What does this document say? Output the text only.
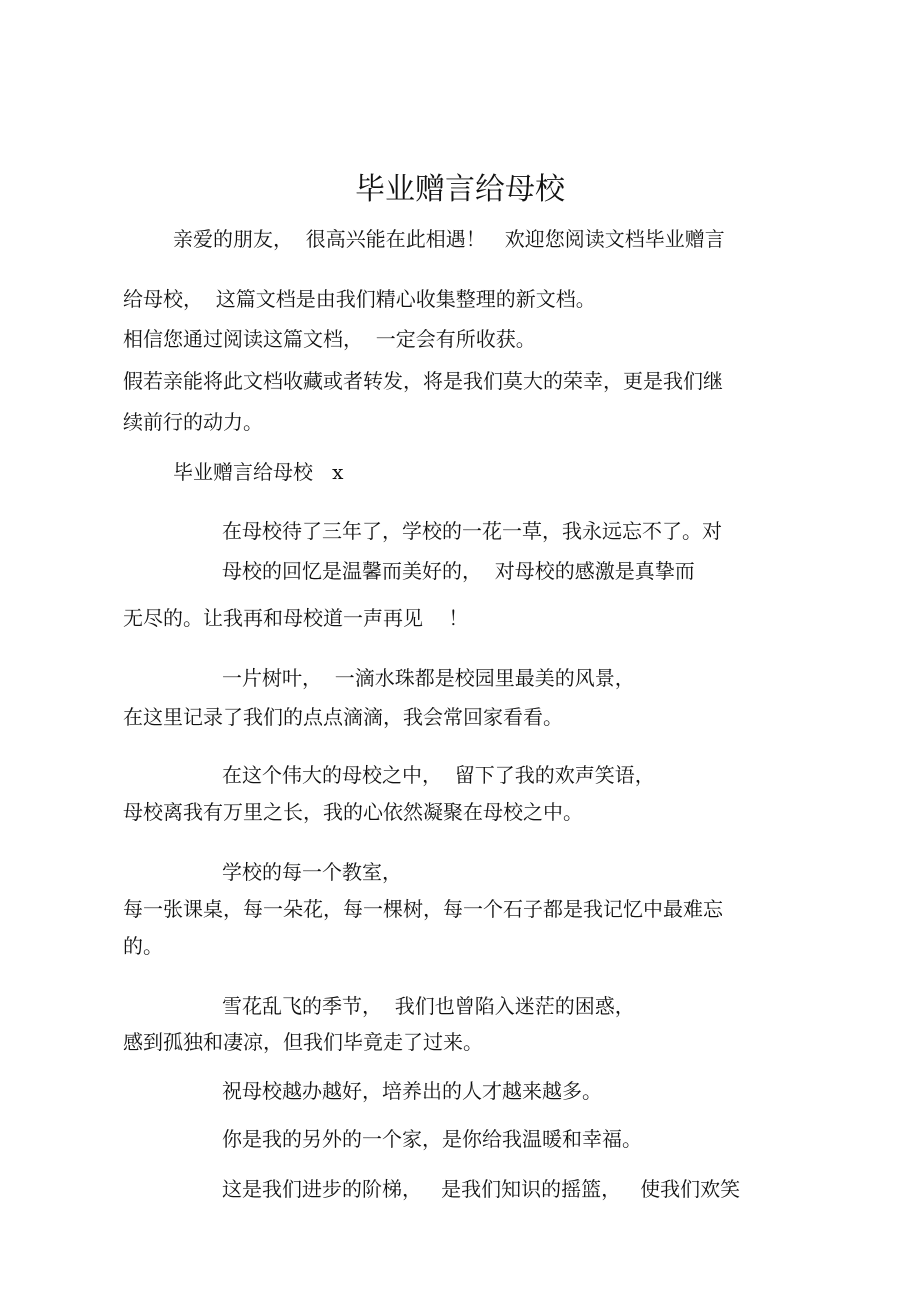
毕业赠言给母校
亲爱的朋友，  很高兴能在此相遇！   欢迎您阅读文档毕业赠言
给母校，  这篇文档是由我们精心收集整理的新文档。
相信您通过阅读这篇文档，  一定会有所收获。
假若亲能将此文档收藏或者转发，将是我们莫大的荣幸，更是我们继
续前行的动力。
毕业赠言给母校   x
在母校待了三年了，学校的一花一草，我永远忘不了。对
母校的回忆是温馨而美好的，  对母校的感激是真挚而
无尽的。让我再和母校道一声再见    ！
一片树叶，  一滴水珠都是校园里最美的风景，
在这里记录了我们的点点滴滴，我会常回家看看。
在这个伟大的母校之中，  留下了我的欢声笑语，
母校离我有万里之长，我的心依然凝聚在母校之中。
学校的每一个教室，
每一张课桌，每一朵花，每一棵树，每一个石子都是我记忆中最难忘
的。
雪花乱飞的季节，  我们也曾陷入迷茫的困惑，
感到孤独和凄凉，但我们毕竟走了过来。
祝母校越办越好，培养出的人才越来越多。
你是我的另外的一个家，是你给我温暖和幸福。
这是我们进步的阶梯，   是我们知识的摇篮，   使我们欢笑
